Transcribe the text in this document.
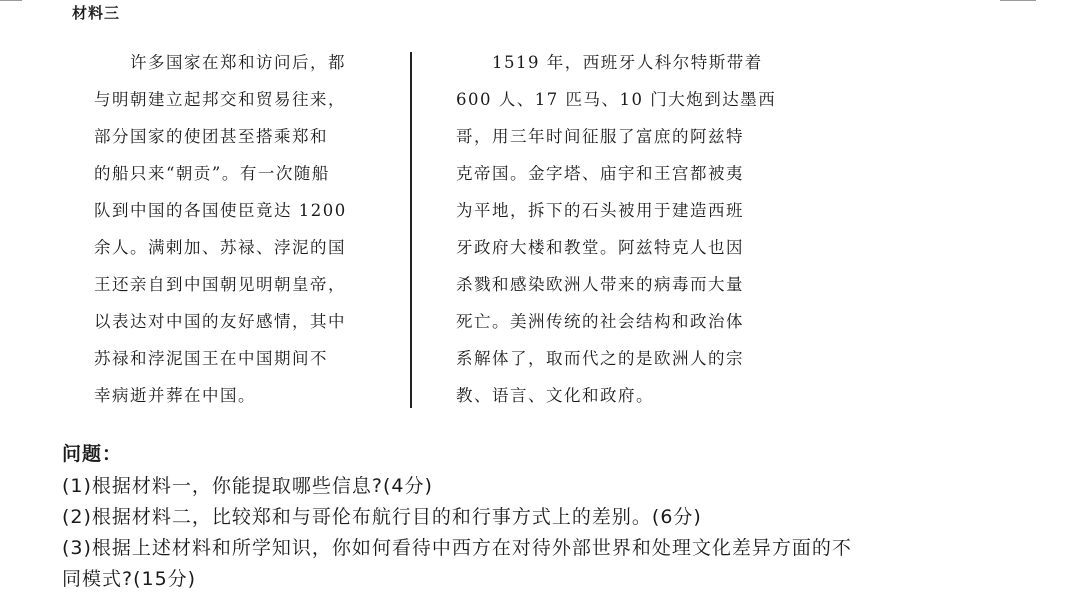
材料三
　　许多国家在郑和访问后，都
与明朝建立起邦交和贸易往来，
部分国家的使团甚至搭乘郑和
的船只来“朝贡”。有一次随船
队到中国的各国使臣竟达 1200
余人。满剌加、苏禄、浡泥的国
王还亲自到中国朝见明朝皇帝，
以表达对中国的友好感情，其中
苏禄和浡泥国王在中国期间不
幸病逝并葬在中国。
　　1519 年，西班牙人科尔特斯带着
600 人、17 匹马、10 门大炮到达墨西
哥，用三年时间征服了富庶的阿兹特
克帝国。金字塔、庙宇和王宫都被夷
为平地，拆下的石头被用于建造西班
牙政府大楼和教堂。阿兹特克人也因
杀戮和感染欧洲人带来的病毒而大量
死亡。美洲传统的社会结构和政治体
系解体了，取而代之的是欧洲人的宗
教、语言、文化和政府。
问题：
(1)根据材料一，你能提取哪些信息?(4分)
(2)根据材料二，比较郑和与哥伦布航行目的和行事方式上的差别。(6分)
(3)根据上述材料和所学知识，你如何看待中西方在对待外部世界和处理文化差异方面的不
同模式?(15分)
